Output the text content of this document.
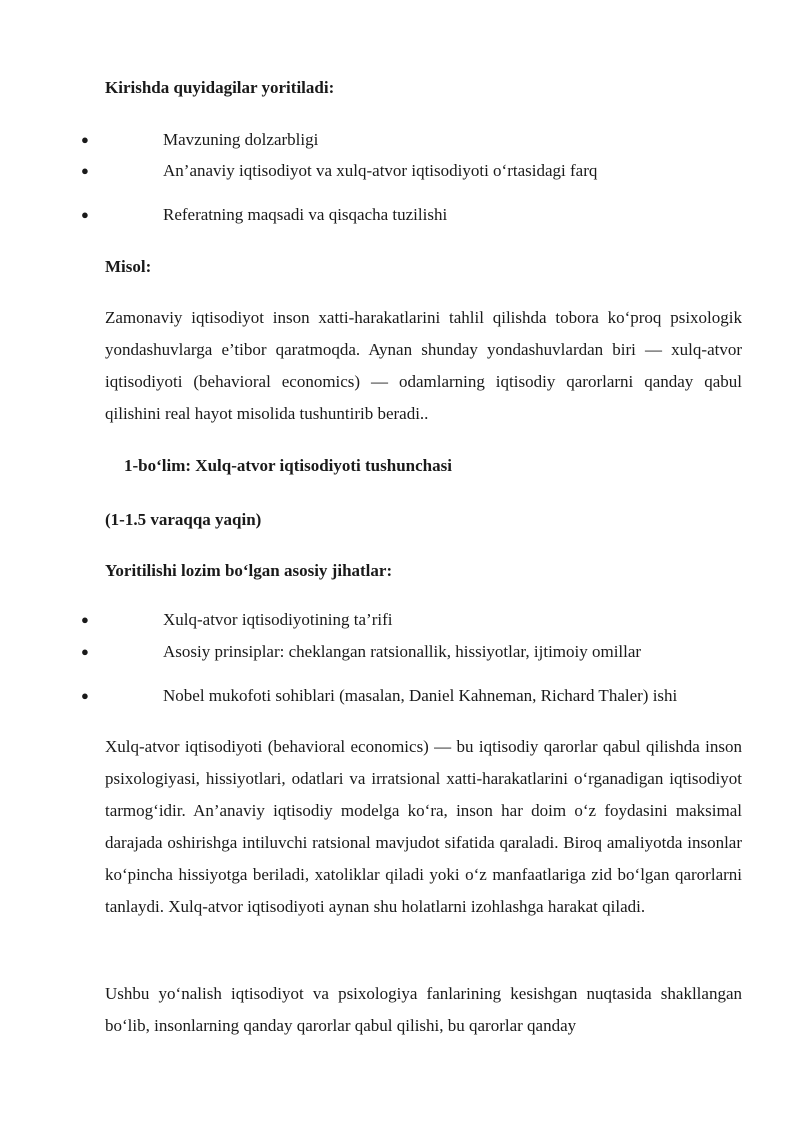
Kirishda quyidagilar yoritiladi:

●	Mavzuning dolzarbligi
●	An’anaviy iqtisodiyot va xulq-atvor iqtisodiyoti o‘rtasidagi farq
●	Referatning maqsadi va qisqacha tuzilishi

Misol:

Zamonaviy iqtisodiyot inson xatti-harakatlarini tahlil qilishda tobora ko‘proq psixologik yondashuvlarga e’tibor qaratmoqda. Aynan shunday yondashuvlardan biri — xulq-atvor iqtisodiyoti (behavioral economics) — odamlarning iqtisodiy qarorlarni qanday qabul qilishini real hayot misolida tushuntirib beradi..

1-bo‘lim: Xulq-atvor iqtisodiyoti tushunchasi

(1-1.5 varaqqa yaqin)

Yoritilishi lozim bo‘lgan asosiy jihatlar:

●	Xulq-atvor iqtisodiyotining ta’rifi
●	Asosiy prinsiplar: cheklangan ratsionallik, hissiyotlar, ijtimoiy omillar
●	Nobel mukofoti sohiblari (masalan, Daniel Kahneman, Richard Thaler) ishi

Xulq-atvor iqtisodiyoti (behavioral economics) — bu iqtisodiy qarorlar qabul qilishda inson psixologiyasi, hissiyotlari, odatlari va irratsional xatti-harakatlarini o‘rganadigan iqtisodiyot tarmog‘idir. An’anaviy iqtisodiy modelga ko‘ra, inson har doim o‘z foydasini maksimal darajada oshirishga intiluvchi ratsional mavjudot sifatida qaraladi. Biroq amaliyotda insonlar ko‘pincha hissiyotga beriladi, xatoliklar qiladi yoki o‘z manfaatlariga zid bo‘lgan qarorlarni tanlaydi. Xulq-atvor iqtisodiyoti aynan shu holatlarni izohlashga harakat qiladi.

Ushbu yo‘nalish iqtisodiyot va psixologiya fanlarining kesishgan nuqtasida shakllangan bo‘lib, insonlarning qanday qarorlar qabul qilishi, bu qarorlar qanday
